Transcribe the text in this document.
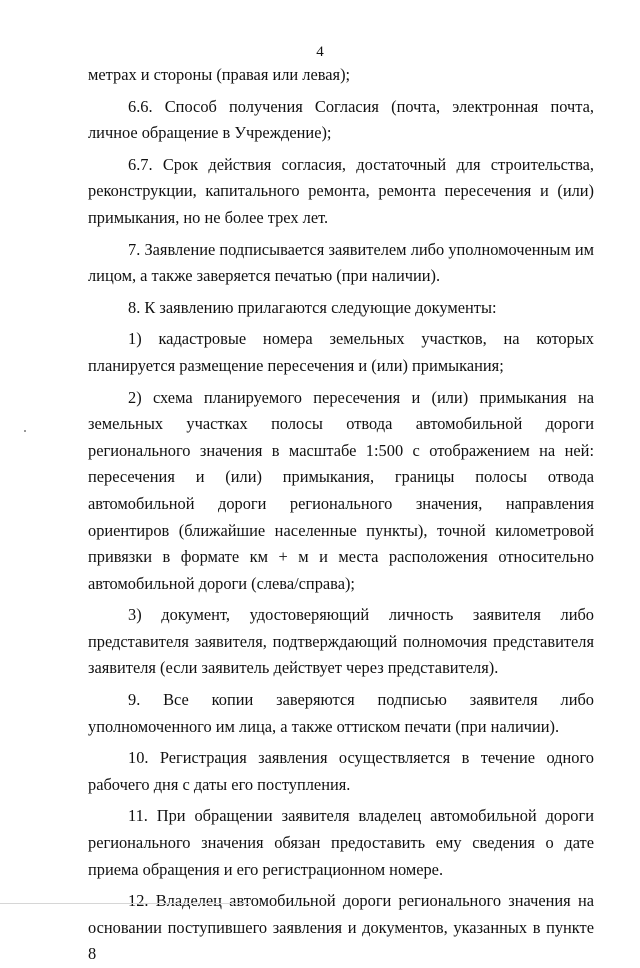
4

метрах и стороны (правая или левая);

6.6. Способ получения Согласия (почта, электронная почта, личное обращение в Учреждение);

6.7. Срок действия согласия, достаточный для строительства, реконструкции, капитального ремонта, ремонта пересечения и (или) примыкания, но не более трех лет.

7. Заявление подписывается заявителем либо уполномоченным им лицом, а также заверяется печатью (при наличии).

8. К заявлению прилагаются следующие документы:

1) кадастровые номера земельных участков, на которых планируется размещение пересечения и (или) примыкания;

2) схема планируемого пересечения и (или) примыкания на земельных участках полосы отвода автомобильной дороги регионального значения в масштабе 1:500 с отображением на ней: пересечения и (или) примыкания, границы полосы отвода автомобильной дороги регионального значения, направления ориентиров (ближайшие населенные пункты), точной километровой привязки в формате км + м и места расположения относительно автомобильной дороги (слева/справа);

3) документ, удостоверяющий личность заявителя либо представителя заявителя, подтверждающий полномочия представителя заявителя (если заявитель действует через представителя).

9. Все копии заверяются подписью заявителя либо уполномоченного им лица, а также оттиском печати (при наличии).

10. Регистрация заявления осуществляется в течение одного рабочего дня с даты его поступления.

11. При обращении заявителя владелец автомобильной дороги регионального значения обязан предоставить ему сведения о дате приема обращения и его регистрационном номере.

12. Владелец автомобильной дороги регионального значения на основании поступившего заявления и документов, указанных в пункте 8
